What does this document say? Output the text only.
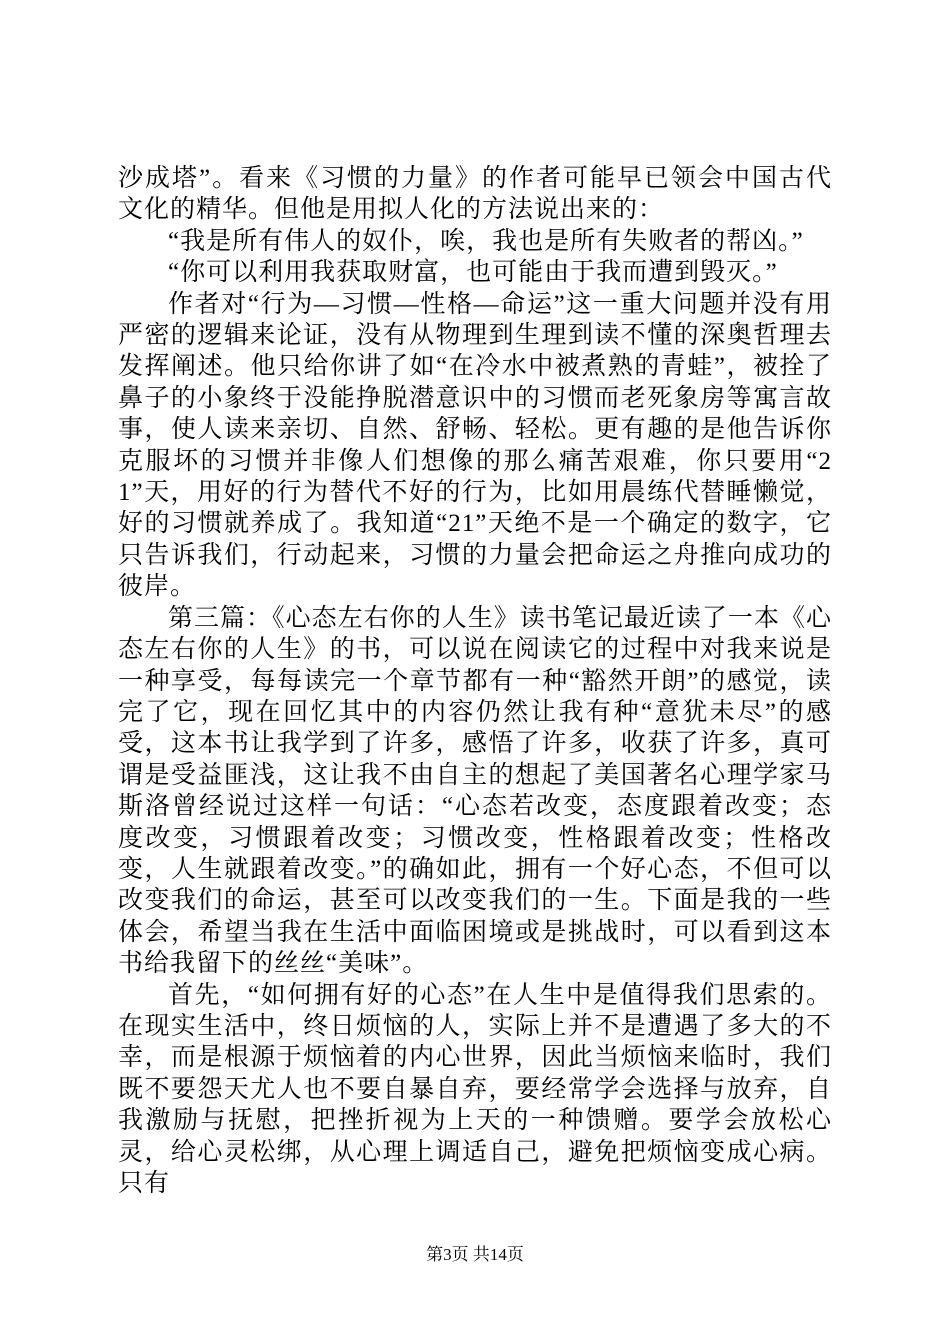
沙成塔”。看来《习惯的力量》的作者可能早已领会中国古代文化的精华。但他是用拟人化的方法说出来的：

“我是所有伟人的奴仆，唉，我也是所有失败者的帮凶。”

“你可以利用我获取财富，也可能由于我而遭到毁灭。”

作者对“行为—习惯—性格—命运”这一重大问题并没有用严密的逻辑来论证，没有从物理到生理到读不懂的深奥哲理去发挥阐述。他只给你讲了如“在冷水中被煮熟的青蛙”，被拴了鼻子的小象终于没能挣脱潜意识中的习惯而老死象房等寓言故事，使人读来亲切、自然、舒畅、轻松。更有趣的是他告诉你克服坏的习惯并非像人们想像的那么痛苦艰难，你只要用“21”天，用好的行为替代不好的行为，比如用晨练代替睡懒觉，好的习惯就养成了。我知道“21”天绝不是一个确定的数字，它只告诉我们，行动起来，习惯的力量会把命运之舟推向成功的彼岸。

第三篇：《心态左右你的人生》读书笔记最近读了一本《心态左右你的人生》的书，可以说在阅读它的过程中对我来说是一种享受，每每读完一个章节都有一种“豁然开朗”的感觉，读完了它，现在回忆其中的内容仍然让我有种“意犹未尽”的感受，这本书让我学到了许多，感悟了许多，收获了许多，真可谓是受益匪浅，这让我不由自主的想起了美国著名心理学家马斯洛曾经说过这样一句话：“心态若改变，态度跟着改变；态度改变，习惯跟着改变；习惯改变，性格跟着改变；性格改变，人生就跟着改变。”的确如此，拥有一个好心态，不但可以改变我们的命运，甚至可以改变我们的一生。下面是我的一些体会，希望当我在生活中面临困境或是挑战时，可以看到这本书给我留下的丝丝“美味”。

首先，“如何拥有好的心态”在人生中是值得我们思索的。在现实生活中，终日烦恼的人，实际上并不是遭遇了多大的不幸，而是根源于烦恼着的内心世界，因此当烦恼来临时，我们既不要怨天尤人也不要自暴自弃，要经常学会选择与放弃，自我激励与抚慰，把挫折视为上天的一种馈赠。要学会放松心灵，给心灵松绑，从心理上调适自己，避免把烦恼变成心病。只有

第3页 共14页
